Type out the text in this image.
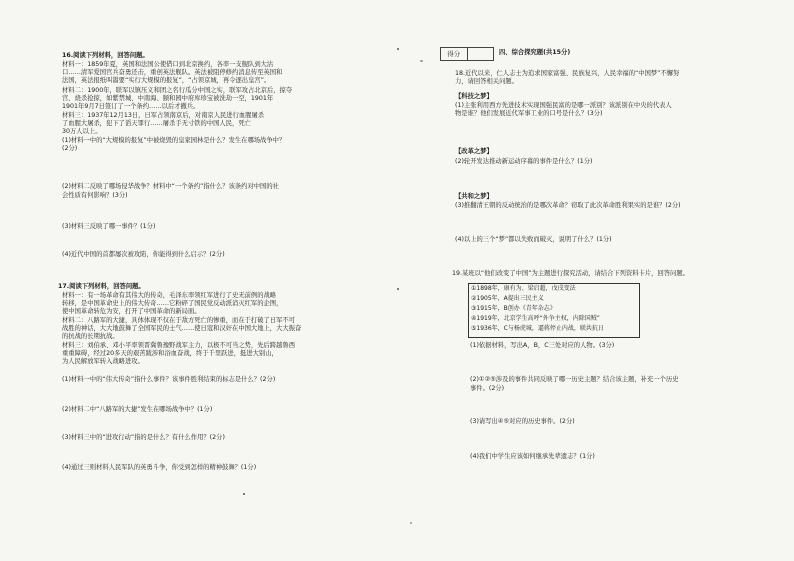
16.阅读下列材料，回答问题。
材料一：1859年夏，英国和法国公使借口到北京换约，各率一支舰队到大沽
口……清军爱国官兵奋勇还击，重创英法舰队。英法被阻停修约消息传至英国和
法国，英法报纸叫嚣要“实行大规模的报复”，“占领京城，再令逐出皇宫”。
材料二：1900年，联军以镇压义和团之名行瓜分中国之实，联军攻占北京后，掠夺
宫、烧杀抢掠，如紫禁城、中南海、颐和园中府库珍宝被洗劫一空，1901年
1901年9月7日签订了一个条约……以后才撤兵。
材料三：1937年12月13日，日军占领南京后，对南京人民进行血腥屠杀
了血腥大屠杀，犯下了滔天罪行……屠杀手无寸铁的中国人民，死亡
30万人以上。
(1)材料一中的“大规模的报复”中被烧毁的皇家园林是什么？发生在哪场战争中？
(2分)
(2)材料二反映了哪场侵华战争？材料中“一个条约”指什么？该条约对中国的社
会性质有何影响？(3分)
(3)材料三反映了哪一事件？(1分)
(4)近代中国的首都屡次被攻陷，你能得到什么启示？(2分)
17.阅读下列材料，回答问题。
材料一：有一场革命有其伟大的传奇，毛泽东率领红军进行了史无前例的战略
转移，是中国革命史上的伟大传奇……它粉碎了国民党反动派消灭红军的企图，
使中国革命转危为安，打开了中国革命的新局面。
材料二：八路军的大捷，具体体现不仅在于敌方死亡的惨重，而在于打破了日军不可
战胜的神话，大大地鼓舞了全国军民的士气……使日寇和汉奸在中国大地上，大大振奋
的抗战的长期抗战。
材料三：刘伯承、邓小平率领晋冀鲁豫野战军主力，以极不可当之势，先后跨越鲁西
重重障碍，经过20多天的艰苦跋涉和浴血奋战，终于千里跃进，挺进大别山，
为人民解放军转入战略进攻。
(1)材料一中的“伟大传奇”指什么事件？该事件胜利结束的标志是什么？(2分)
(2)材料二中“八路军的大捷”发生在哪场战争中？(1分)
(3)材料三中的“进攻行动”指的是什么？有什么作用？(2分)
(4)通过三则材料人民军队的英勇斗争，你受到怎样的精神鼓舞？(1分)
得分	四、综合探究题(共15分)
18.近代以来，仁人志士为追求国家富强、民族复兴，人民幸福的“中国梦”不懈努
力，请回答相关问题。
【科技之梦】
(1)主张利用西方先进技术实现国强民富的是哪一派别？该派别在中央的代表人
物是谁？他们发展近代军事工业的口号是什么？(3分)
【改革之梦】
(2)轮开发达推动新运动序幕的事件是什么？(1分)
【共和之梦】
(3)推翻清王朝的反动统治的是哪次革命？窃取了此次革命胜利果实的是谁？(2分)
(4)以上的三个“梦”都以失败而破灭，说明了什么？(1分)
19.某班以“他们改变了中国”为主题进行探究活动，请结合下列资料卡片，回答问题。
①1898年，康有为、梁启超，戊戌变法
②1905年，A提出三民主义
③1915年，B创办《青年杂志》
④1919年，北京学生高呼“外争主权，内除国贼”
⑤1936年，C与杨虎城，逼蒋停止内战，联共抗日
(1)依据材料，写出A，B，C三处对应的人物。(3分)
(2)①②⑤涉及的事件共同反映了哪一历史主题？结合该主题，补充一个历史
事件。(2分)
(3)请写出④⑤对应的历史事件。(2分)
(4)我们中学生应该如何继承先辈遗志？(1分)
